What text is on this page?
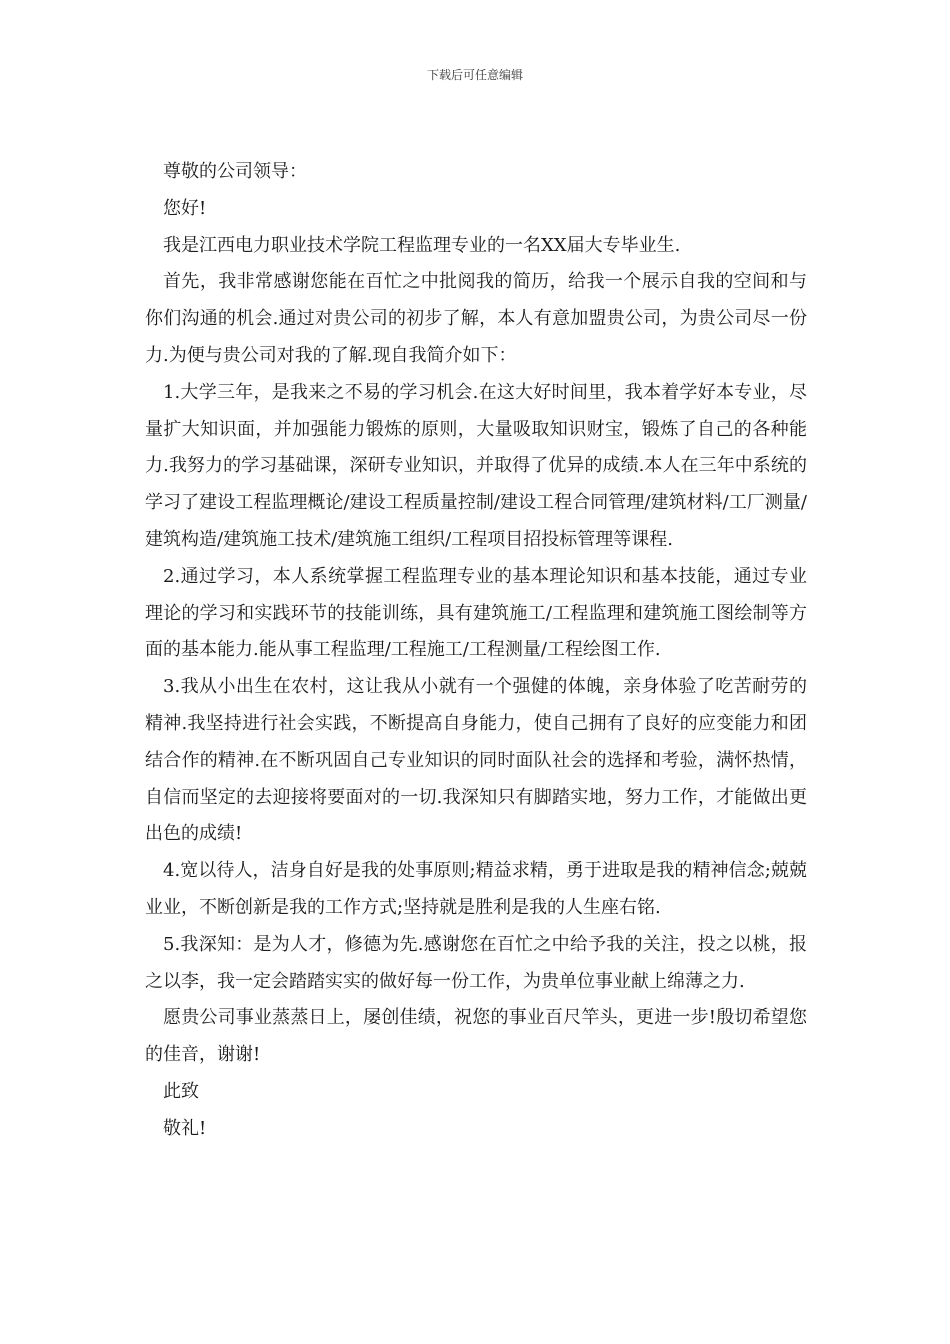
下载后可任意编辑

尊敬的公司领导：

您好!

我是江西电力职业技术学院工程监理专业的一名XX届大专毕业生.

首先，我非常感谢您能在百忙之中批阅我的简历，给我一个展示自我的空间和与你们沟通的机会.通过对贵公司的初步了解，本人有意加盟贵公司，为贵公司尽一份力.为便与贵公司对我的了解.现自我简介如下：

1.大学三年，是我来之不易的学习机会.在这大好时间里，我本着学好本专业，尽量扩大知识面，并加强能力锻炼的原则，大量吸取知识财宝，锻炼了自己的各种能力.我努力的学习基础课，深研专业知识，并取得了优异的成绩.本人在三年中系统的学习了建设工程监理概论/建设工程质量控制/建设工程合同管理/建筑材料/工厂测量/建筑构造/建筑施工技术/建筑施工组织/工程项目招投标管理等课程.

2.通过学习，本人系统掌握工程监理专业的基本理论知识和基本技能，通过专业理论的学习和实践环节的技能训练，具有建筑施工/工程监理和建筑施工图绘制等方面的基本能力.能从事工程监理/工程施工/工程测量/工程绘图工作.

3.我从小出生在农村，这让我从小就有一个强健的体魄，亲身体验了吃苦耐劳的精神.我坚持进行社会实践，不断提高自身能力，使自己拥有了良好的应变能力和团结合作的精神.在不断巩固自己专业知识的同时面队社会的选择和考验，满怀热情，自信而坚定的去迎接将要面对的一切.我深知只有脚踏实地，努力工作，才能做出更出色的成绩!

4.宽以待人，洁身自好是我的处事原则;精益求精，勇于进取是我的精神信念;兢兢业业，不断创新是我的工作方式;坚持就是胜利是我的人生座右铭.

5.我深知：是为人才，修德为先.感谢您在百忙之中给予我的关注，投之以桃，报之以李，我一定会踏踏实实的做好每一份工作，为贵单位事业献上绵薄之力.

愿贵公司事业蒸蒸日上，屡创佳绩，祝您的事业百尺竿头，更进一步!殷切希望您的佳音，谢谢!

此致

敬礼!
